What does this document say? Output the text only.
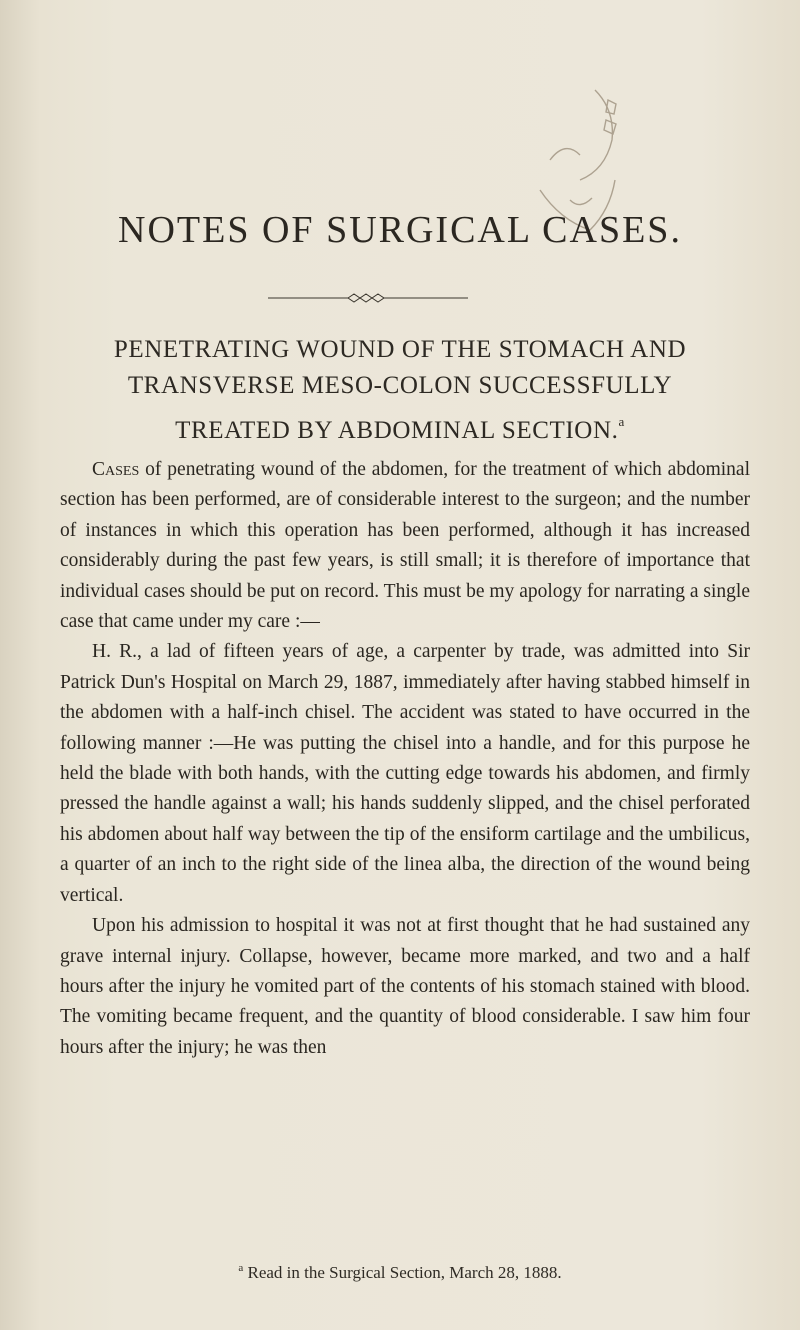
NOTES OF SURGICAL CASES.
PENETRATING WOUND OF THE STOMACH AND
TRANSVERSE MESO-COLON SUCCESSFULLY
TREATED BY ABDOMINAL SECTION.$^a$

Cases of penetrating wound of the abdomen, for the treatment of which abdominal section has been performed, are of considerable interest to the surgeon; and the number of instances in which this operation has been performed, although it has increased considerably during the past few years, is still small; it is therefore of importance that individual cases should be put on record. This must be my apology for narrating a single case that came under my care :—

H. R., a lad of fifteen years of age, a carpenter by trade, was admitted into Sir Patrick Dun's Hospital on March 29, 1887, immediately after having stabbed himself in the abdomen with a half-inch chisel. The accident was stated to have occurred in the following manner :—He was putting the chisel into a handle, and for this purpose he held the blade with both hands, with the cutting edge towards his abdomen, and firmly pressed the handle against a wall; his hands suddenly slipped, and the chisel perforated his abdomen about half way between the tip of the ensiform cartilage and the umbilicus, a quarter of an inch to the right side of the linea alba, the direction of the wound being vertical.

Upon his admission to hospital it was not at first thought that he had sustained any grave internal injury. Collapse, however, became more marked, and two and a half hours after the injury he vomited part of the contents of his stomach stained with blood. The vomiting became frequent, and the quantity of blood considerable. I saw him four hours after the injury; he was then

$^a$ Read in the Surgical Section, March 28, 1888.
